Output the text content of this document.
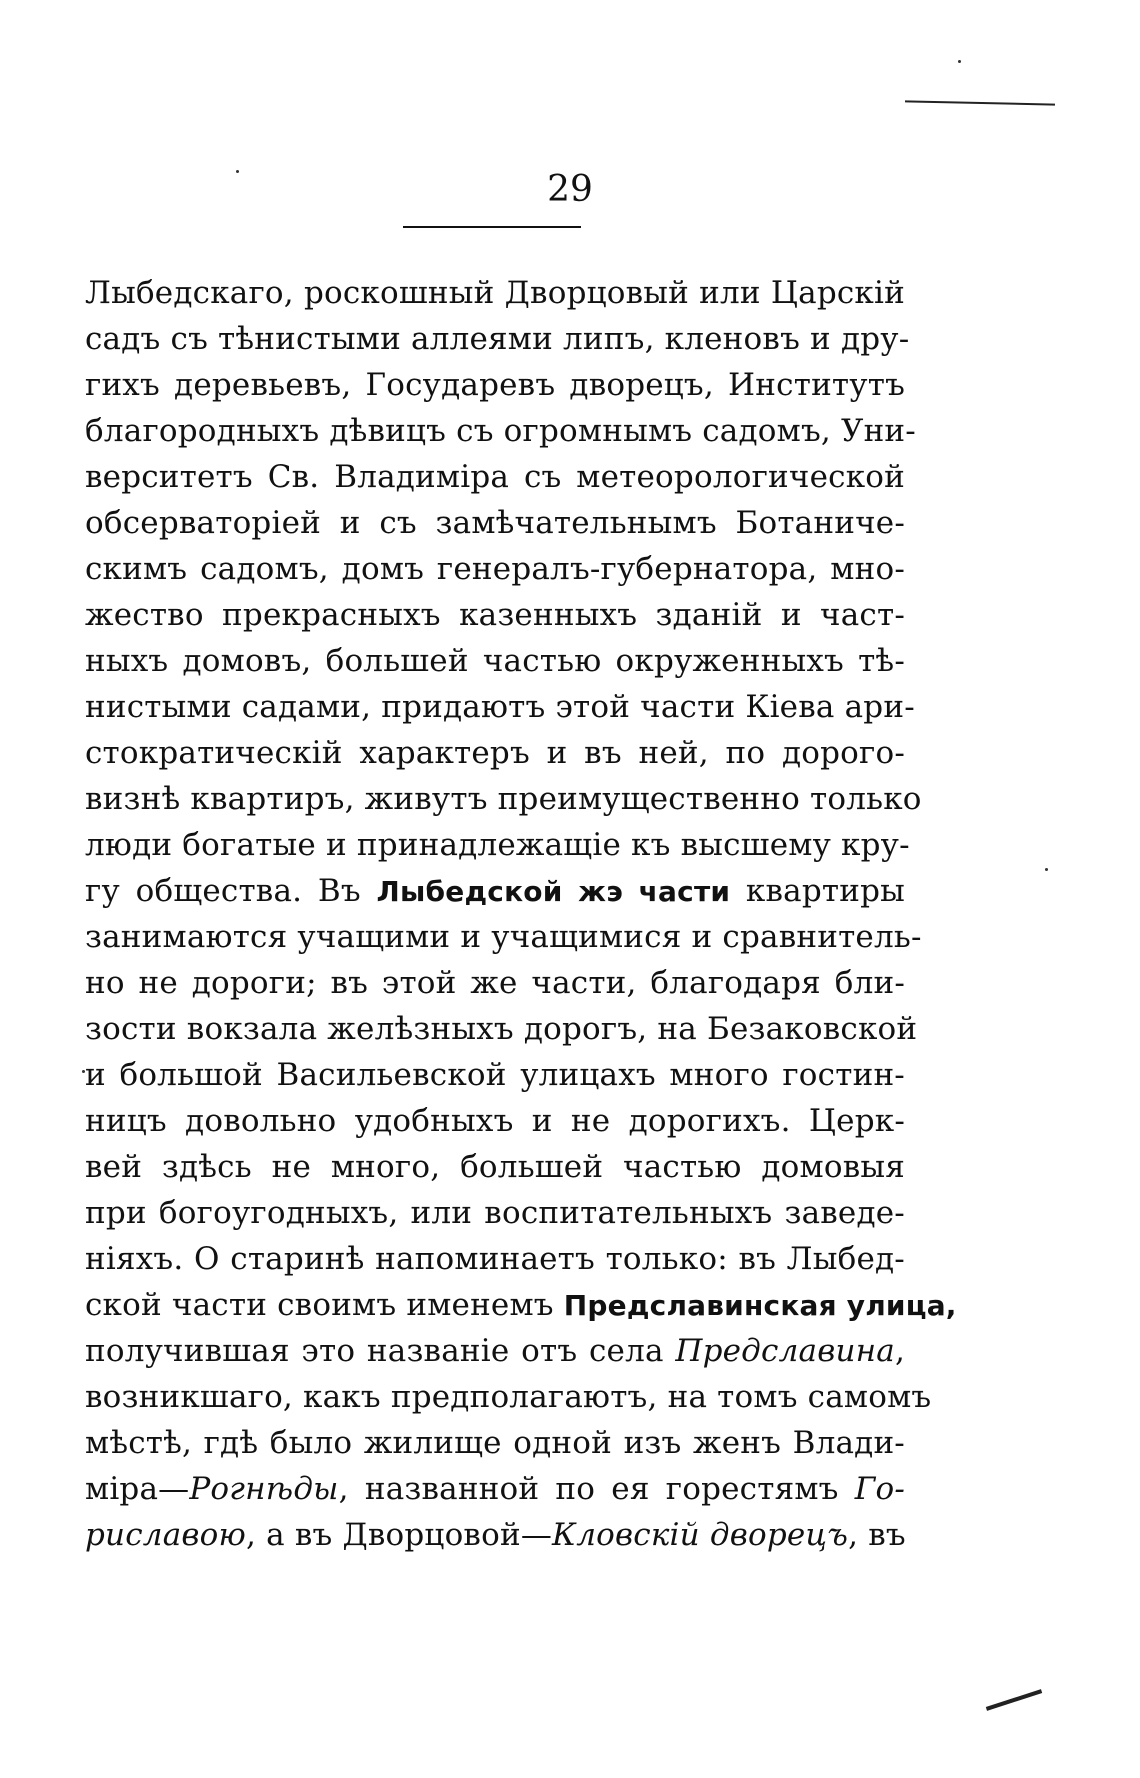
29
Лыбедскаго, роскошный Дворцовый или Царскій
садъ съ тѣнистыми аллеями липъ, кленовъ и дру-
гихъ деревьевъ, Государевъ дворецъ, Институтъ
благородныхъ дѣвицъ съ огромнымъ садомъ, Уни-
верситетъ Св. Владиміра съ метеорологической
обсерваторіей и съ замѣчательнымъ Ботаниче-
скимъ садомъ, домъ генералъ-губернатора, мно-
жество прекрасныхъ казенныхъ зданій и част-
ныхъ домовъ, большей частью окруженныхъ тѣ-
нистыми садами, придаютъ этой части Кіева ари-
стократическій характеръ и въ ней, по дорого-
визнѣ квартиръ, живутъ преимущественно только
люди богатые и принадлежащіе къ высшему кру-
гу общества. Въ Лыбедской жэ части квартиры
занимаются учащими и учащимися и сравнитель-
но не дороги; въ этой же части, благодаря бли-
зости вокзала желѣзныхъ дорогъ, на Безаковской
и большой Васильевской улицахъ много гостин-
ницъ довольно удобныхъ и не дорогихъ. Церк-
вей здѣсь не много, большей частью домовыя
при богоугодныхъ, или воспитательныхъ заведе-
ніяхъ. О старинѣ напоминаетъ только: въ Лыбед-
ской части своимъ именемъ Предславинская улица,
получившая это названіе отъ села Предславина,
возникшаго, какъ предполагаютъ, на томъ самомъ
мѣстѣ, гдѣ было жилище одной изъ женъ Влади-
міра—Рогнѣды, названной по ея горестямъ Го-
риславою, а въ Дворцовой—Кловскій дворецъ, въ
